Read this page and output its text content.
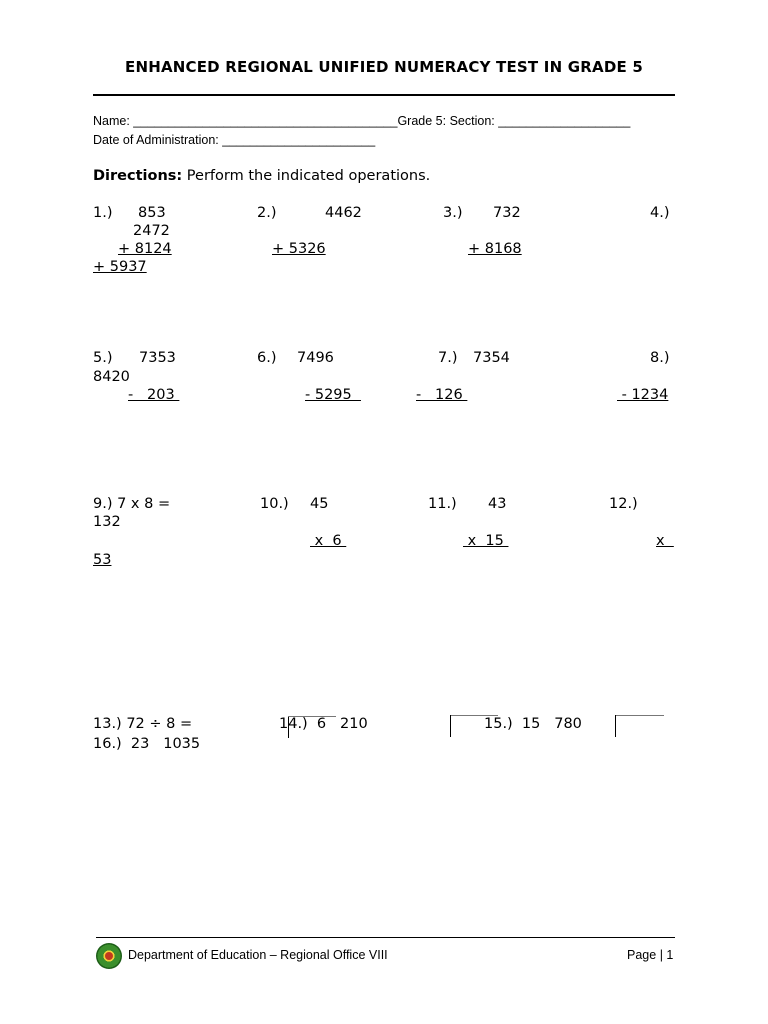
ENHANCED REGIONAL UNIFIED NUMERACY TEST IN GRADE 5
Name: ______________________________________Grade 5: Section: ___________________
Date of Administration: ______________________
Directions: Perform the indicated operations.
1.) 853
+ 8124
2.)	4462
+ 5326
3.) 732
+ 8168
4.)
2472
+ 5937
5.) 7353
-   203
6.) 7496
- 5295
7.) 7354
-   126
8.)
8420
- 1234
9.) 7 x 8 =	10.) 45
x  6
11.) 43
x  15
12.)
132
x
53
13.) 72 ÷ 8 =	14.)  6   210	15.)  15   780
16.)  23   1035
Department of Education – Regional Office VIII	Page | 1
